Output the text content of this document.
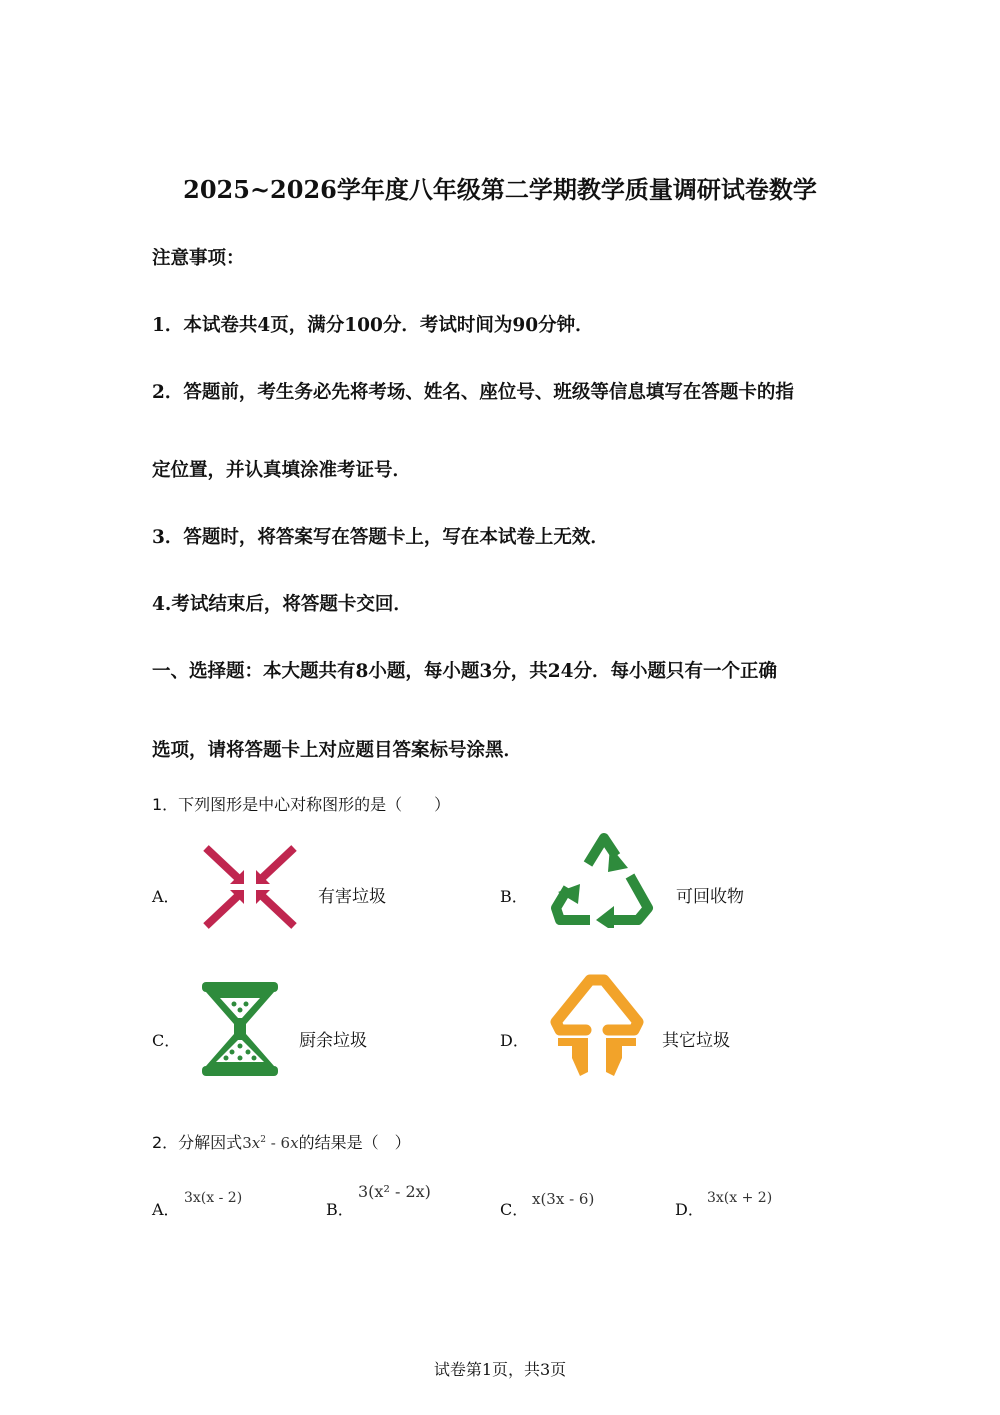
2025~2026学年度八年级第二学期教学质量调研试卷数学
注意事项：
1．本试卷共4页，满分100分．考试时间为90分钟．
2．答题前，考生务必先将考场、姓名、座位号、班级等信息填写在答题卡的指
定位置，并认真填涂准考证号．
3．答题时，将答案写在答题卡上，写在本试卷上无效．
4.考试结束后，将答题卡交回．
一、选择题：本大题共有8小题，每小题3分，共24分．每小题只有一个正确
选项，请将答题卡上对应题目答案标号涂黑．
1．下列图形是中心对称图形的是（　　）
A．	有害垃圾	B．	可回收物
C．	厨余垃圾	D．	其它垃圾
2．分解因式$3x^2 - 6x$的结果是（　）
A．
3x(x - 2)
B．
3(x² - 2x)
C．
x(3x - 6)
D．
3x(x + 2)
试卷第1页，共3页
